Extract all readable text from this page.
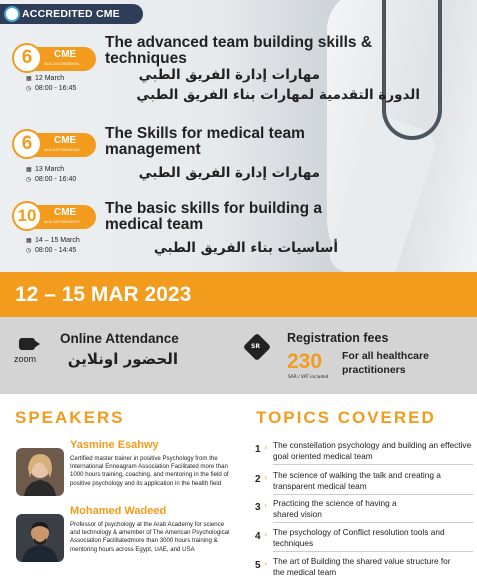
ACCREDITED CME
6	CME
ACA-20230000041
▦ 12 March
◷ 08:00 - 16:45
The advanced team building skills & techniques
مهارات إدارة الفريق الطبي
الدورة التقدمية لمهارات بناء الفريق الطبي
6	CME
ACA-20230000042
▦ 13 March
◷ 08:00 - 16:40
The Skills for medical team management
مهارات إدارة الفريق الطبي
10	CME
ACA-20230000072
▦ 14 – 15 March
◷ 08:00 - 14:45
The basic skills for building a medical team
أساسيات بناء الفريق الطبي
12 – 15 MAR 2023
zoom
Online Attendance
الحضور اونلاين
SR
Registration fees
230
SAR / VAT included
For all healthcare practitioners
SPEAKERS
Yasmine Esahwy
Certified master trainer in positive Psychology from the International Enneagram Association Facilitated more than 1000 hours training, coaching, and mentoring in the field of positive psychology and its application in the health field
Mohamed Wadeed
Professor of psychology at the Arab Academy for science and technology & amember of The American Psychological Association Facilitatedmore than 3000 hours training & mentoring hours across Egypt, UAE, and USA
TOPICS COVERED
1 › The constellation psychology and building an effective goal oriented medical team
2 › The science of walking the talk and creating a transparent medical team
3 › Practicing the science of having a shared vision
4 › The psychology of Conflict resolution tools and techniques
5 › The art of Building the shared value structure for the medical team
